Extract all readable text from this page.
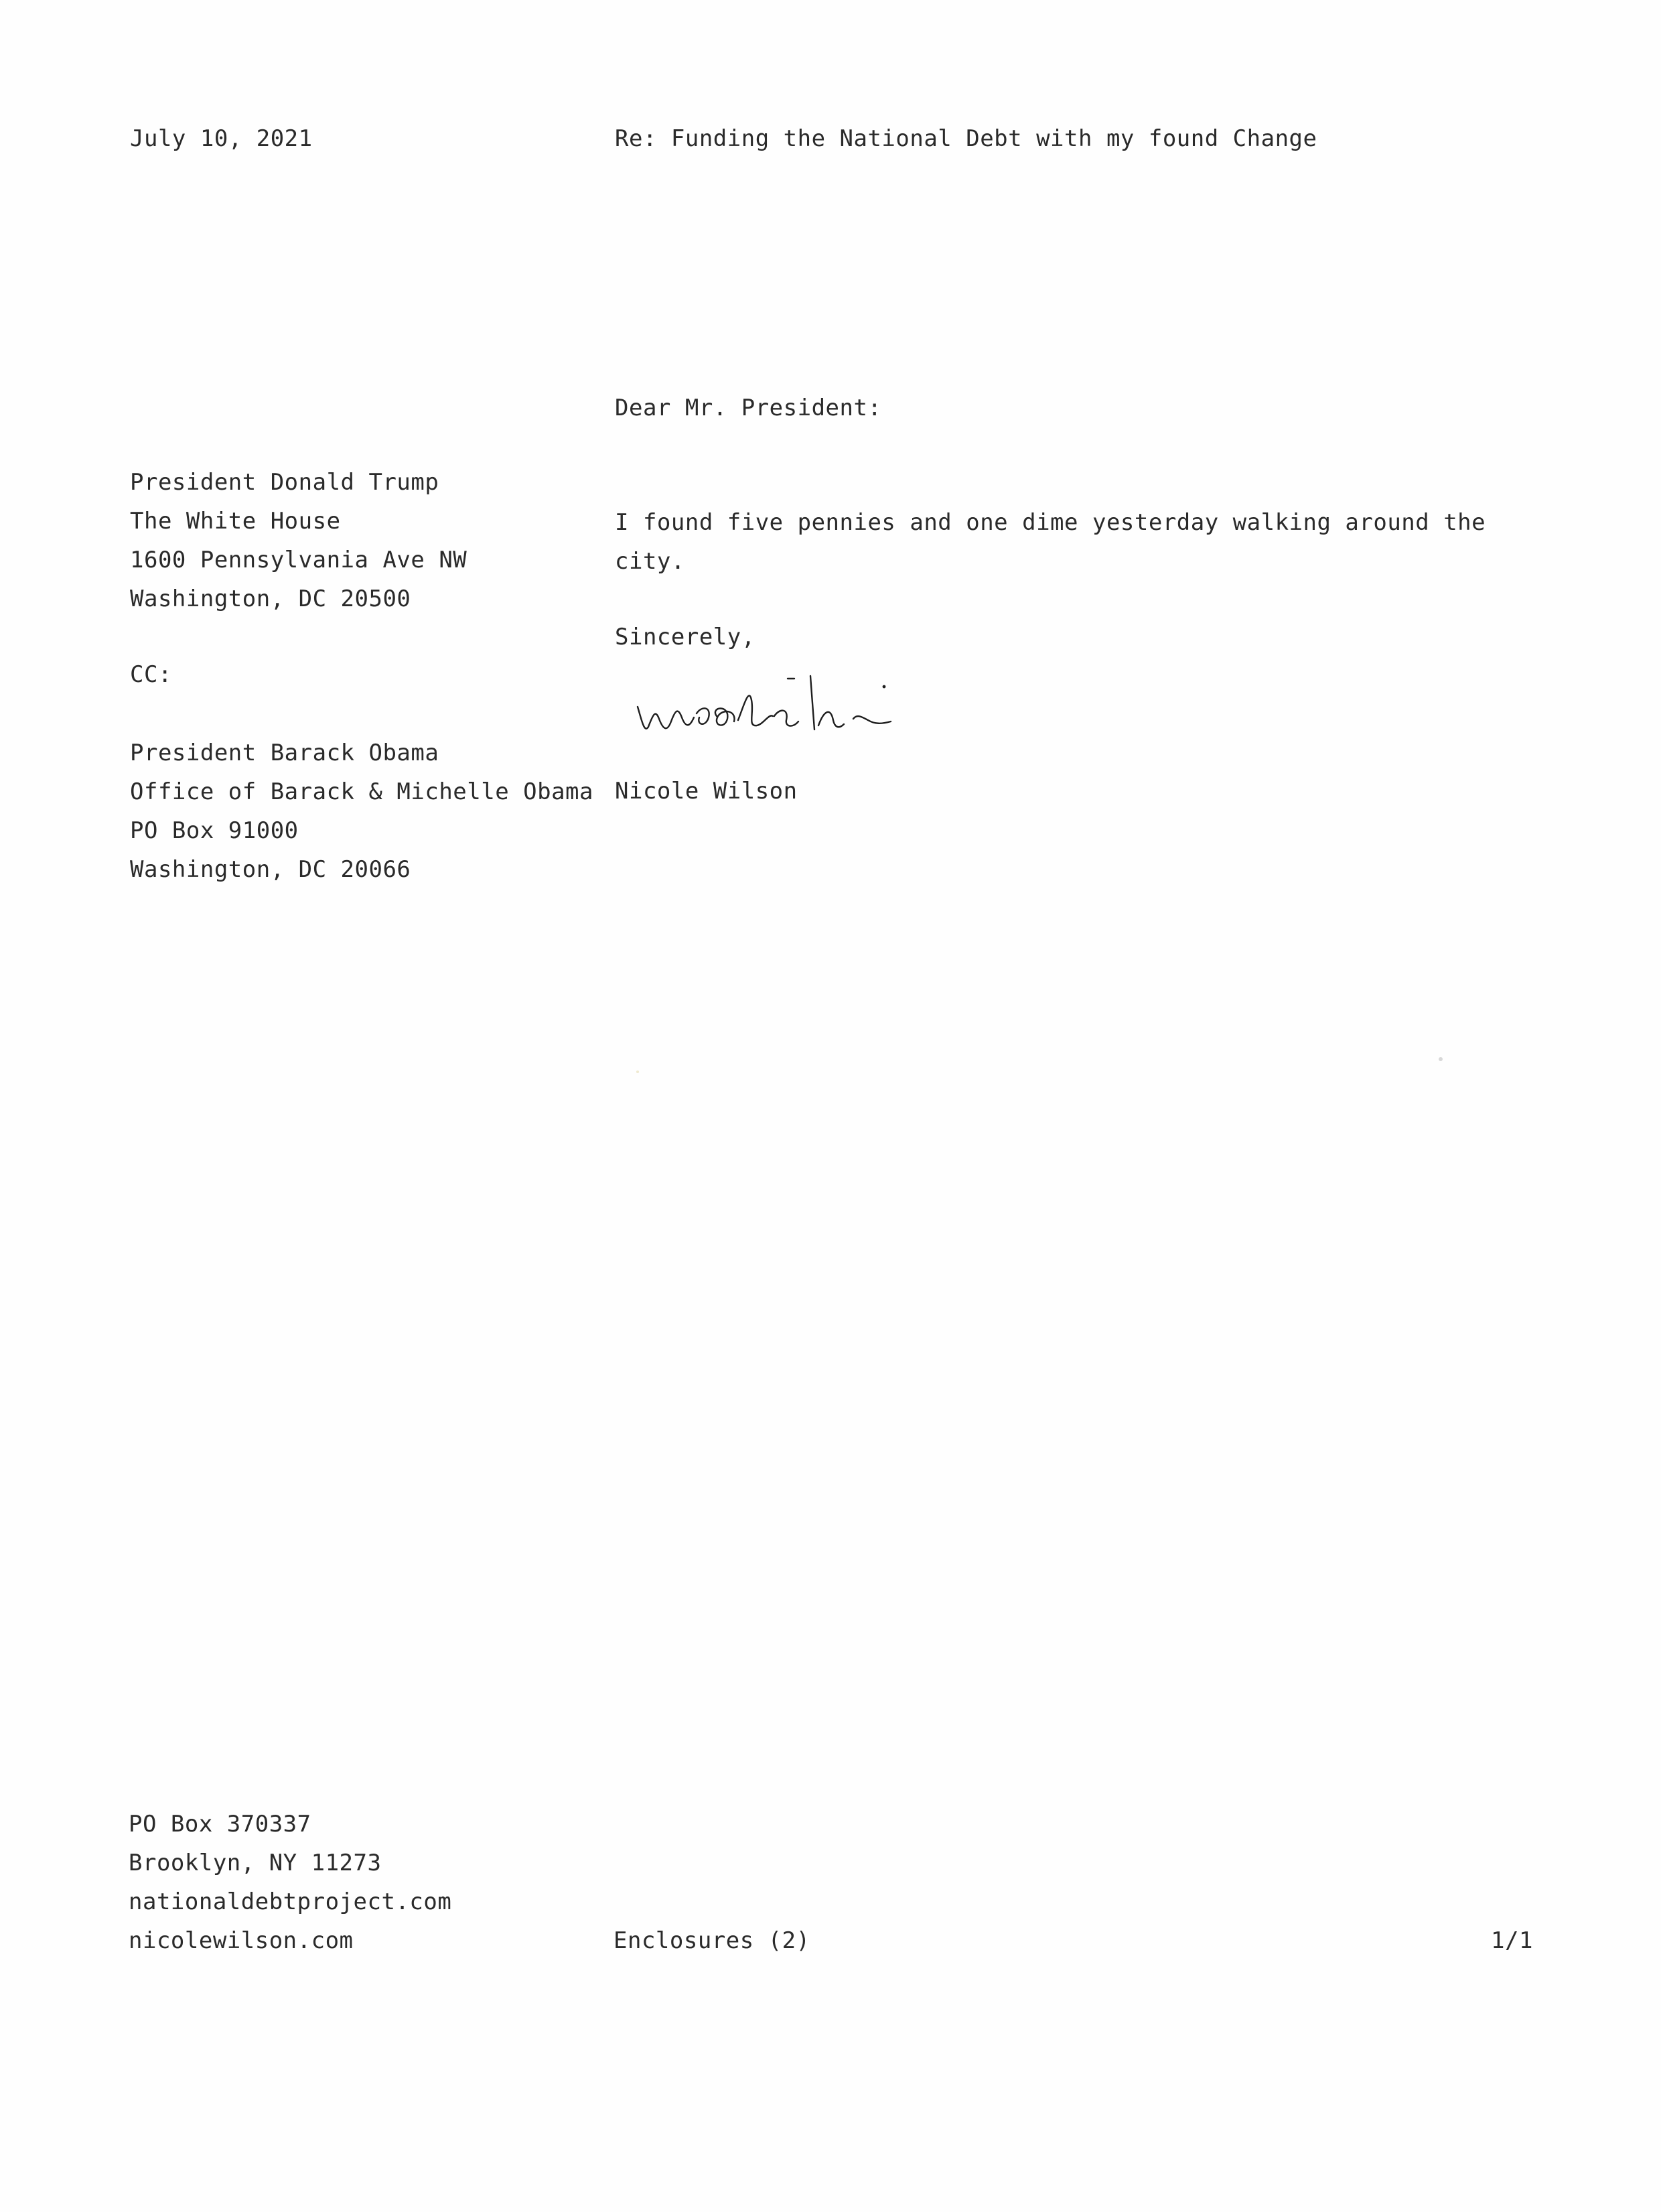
July 10, 2021	Re: Funding the National Debt with my found Change
Dear Mr. President:
President Donald Trump
The White House
1600 Pennsylvania Ave NW
Washington, DC 20500
I found five pennies and one dime yesterday walking around the
city.
Sincerely,
CC:
President Barack Obama
Office of Barack & Michelle Obama
PO Box 91000
Washington, DC 20066
Nicole Wilson
PO Box 370337
Brooklyn, NY 11273
nationaldebtproject.com
nicolewilson.com	Enclosures (2)	1/1
